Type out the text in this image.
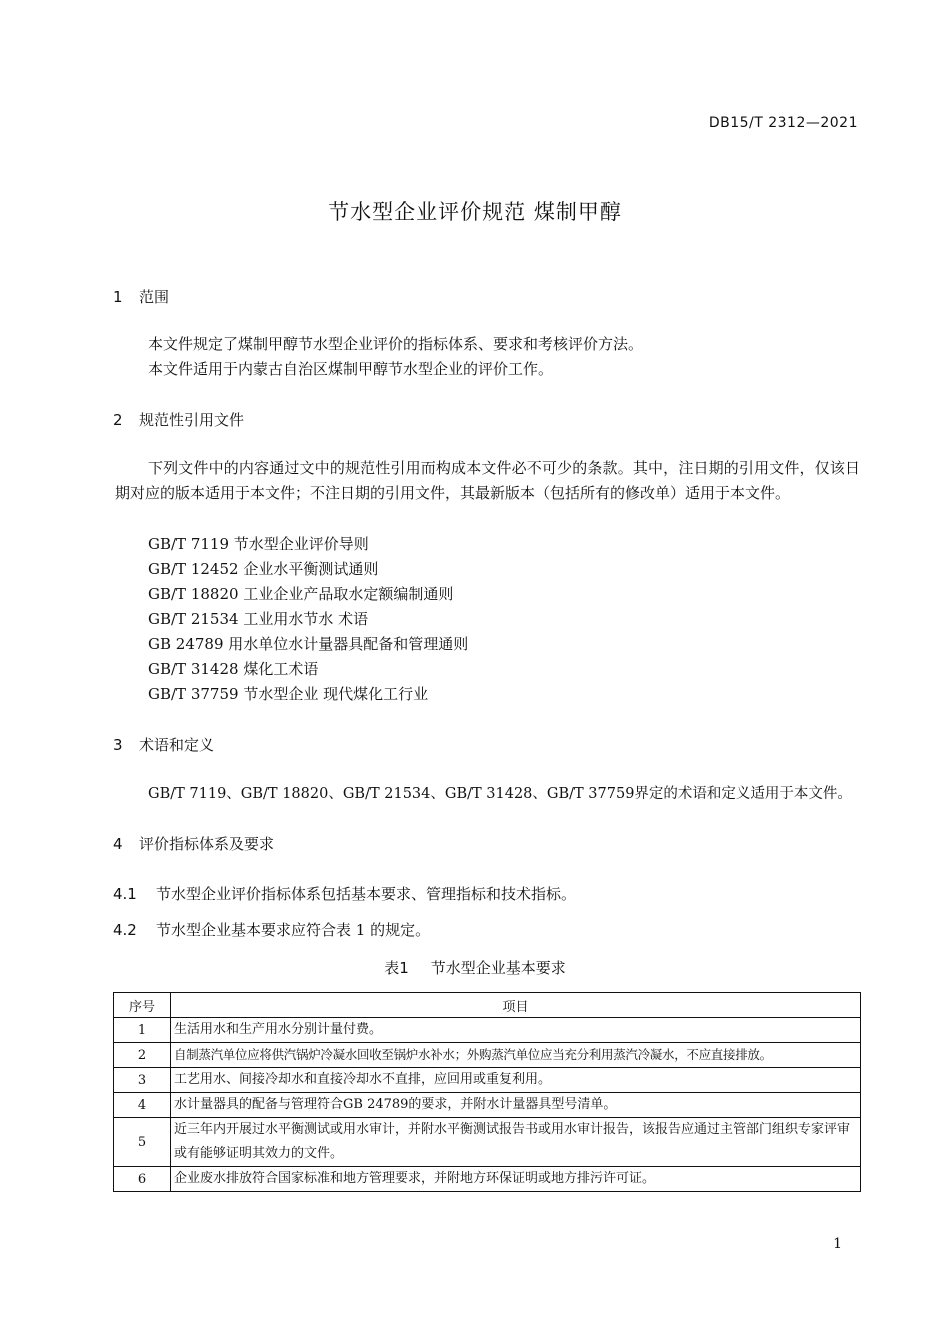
DB15/T 2312—2021
节水型企业评价规范 煤制甲醇
1 范围
本文件规定了煤制甲醇节水型企业评价的指标体系、要求和考核评价方法。
本文件适用于内蒙古自治区煤制甲醇节水型企业的评价工作。
2 规范性引用文件
下列文件中的内容通过文中的规范性引用而构成本文件必不可少的条款。其中，注日期的引用文件，仅该日期对应的版本适用于本文件；不注日期的引用文件，其最新版本（包括所有的修改单）适用于本文件。
GB/T 7119 节水型企业评价导则
GB/T 12452 企业水平衡测试通则
GB/T 18820 工业企业产品取水定额编制通则
GB/T 21534 工业用水节水 术语
GB 24789 用水单位水计量器具配备和管理通则
GB/T 31428 煤化工术语
GB/T 37759 节水型企业 现代煤化工行业
3 术语和定义
GB/T 7119、GB/T 18820、GB/T 21534、GB/T 31428、GB/T 37759界定的术语和定义适用于本文件。
4 评价指标体系及要求
4.1 节水型企业评价指标体系包括基本要求、管理指标和技术指标。
4.2 节水型企业基本要求应符合表 1 的规定。
表1 节水型企业基本要求
序号	项目
1	生活用水和生产用水分别计量付费。
2	自制蒸汽单位应将供汽锅炉冷凝水回收至锅炉水补水；外购蒸汽单位应当充分利用蒸汽冷凝水，不应直接排放。
3	工艺用水、间接冷却水和直接冷却水不直排，应回用或重复利用。
4	水计量器具的配备与管理符合GB 24789的要求，并附水计量器具型号清单。
5	近三年内开展过水平衡测试或用水审计，并附水平衡测试报告书或用水审计报告，该报告应通过主管部门组织专家评审或有能够证明其效力的文件。
6	企业废水排放符合国家标准和地方管理要求，并附地方环保证明或地方排污许可证。
1
